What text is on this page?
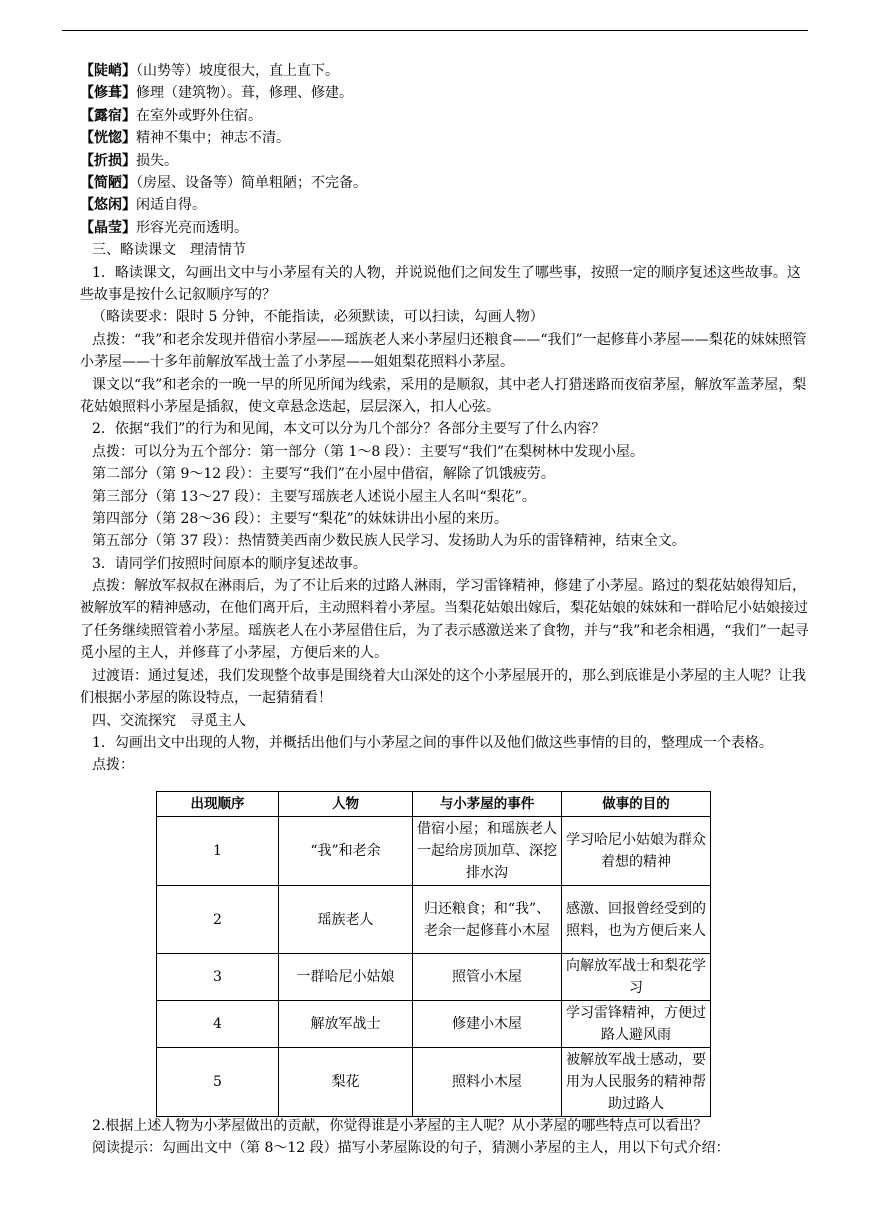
【陡峭】（山势等）坡度很大，直上直下。
【修葺】修理（建筑物）。葺，修理、修建。
【露宿】在室外或野外住宿。
【恍惚】精神不集中；神志不清。
【折损】损失。
【简陋】（房屋、设备等）简单粗陋；不完备。
【悠闲】闲适自得。
【晶莹】形容光亮而透明。
三、略读课文　理清情节
1．略读课文，勾画出文中与小茅屋有关的人物，并说说他们之间发生了哪些事，按照一定的顺序复述这些故事。这些故事是按什么记叙顺序写的？
（略读要求：限时 5 分钟，不能指读，必须默读，可以扫读，勾画人物）
点拨：“我”和老余发现并借宿小茅屋——瑶族老人来小茅屋归还粮食——“我们”一起修葺小茅屋——梨花的妹妹照管小茅屋——十多年前解放军战士盖了小茅屋——姐姐梨花照料小茅屋。
课文以“我”和老余的一晚一早的所见所闻为线索，采用的是顺叙，其中老人打猎迷路而夜宿茅屋，解放军盖茅屋，梨花姑娘照料小茅屋是插叙，使文章悬念迭起，层层深入，扣人心弦。
2．依据“我们”的行为和见闻，本文可以分为几个部分？各部分主要写了什么内容？
点拨：可以分为五个部分：第一部分（第 1～8 段）：主要写“我们”在梨树林中发现小屋。
第二部分（第 9～12 段）：主要写“我们”在小屋中借宿，解除了饥饿疲劳。
第三部分（第 13～27 段）：主要写瑶族老人述说小屋主人名叫“梨花”。
第四部分（第 28～36 段）：主要写“梨花”的妹妹讲出小屋的来历。
第五部分（第 37 段）：热情赞美西南少数民族人民学习、发扬助人为乐的雷锋精神，结束全文。
3．请同学们按照时间原本的顺序复述故事。
点拨：解放军叔叔在淋雨后，为了不让后来的过路人淋雨，学习雷锋精神，修建了小茅屋。路过的梨花姑娘得知后，被解放军的精神感动，在他们离开后，主动照料着小茅屋。当梨花姑娘出嫁后，梨花姑娘的妹妹和一群哈尼小姑娘接过了任务继续照管着小茅屋。瑶族老人在小茅屋借住后，为了表示感激送来了食物，并与“我”和老余相遇，“我们”一起寻觅小屋的主人，并修葺了小茅屋，方便后来的人。
过渡语：通过复述，我们发现整个故事是围绕着大山深处的这个小茅屋展开的，那么到底谁是小茅屋的主人呢？让我们根据小茅屋的陈设特点，一起猜猜看！
四、交流探究　寻觅主人
1．勾画出文中出现的人物，并概括出他们与小茅屋之间的事件以及他们做这些事情的目的，整理成一个表格。
点拨：
出现顺序	人物	与小茅屋的事件	做事的目的
1	“我”和老余	借宿小屋；和瑶族老人一起给房顶加草、深挖排水沟	学习哈尼小姑娘为群众着想的精神
2	瑶族老人	归还粮食；和“我”、老余一起修葺小木屋	感激、回报曾经受到的照料，也为方便后来人
3	一群哈尼小姑娘	照管小木屋	向解放军战士和梨花学习
4	解放军战士	修建小木屋	学习雷锋精神，方便过路人避风雨
5	梨花	照料小木屋	被解放军战士感动，要用为人民服务的精神帮助过路人
2.根据上述人物为小茅屋做出的贡献，你觉得谁是小茅屋的主人呢？从小茅屋的哪些特点可以看出？
阅读提示：勾画出文中（第 8～12 段）描写小茅屋陈设的句子，猜测小茅屋的主人，用以下句式介绍：
